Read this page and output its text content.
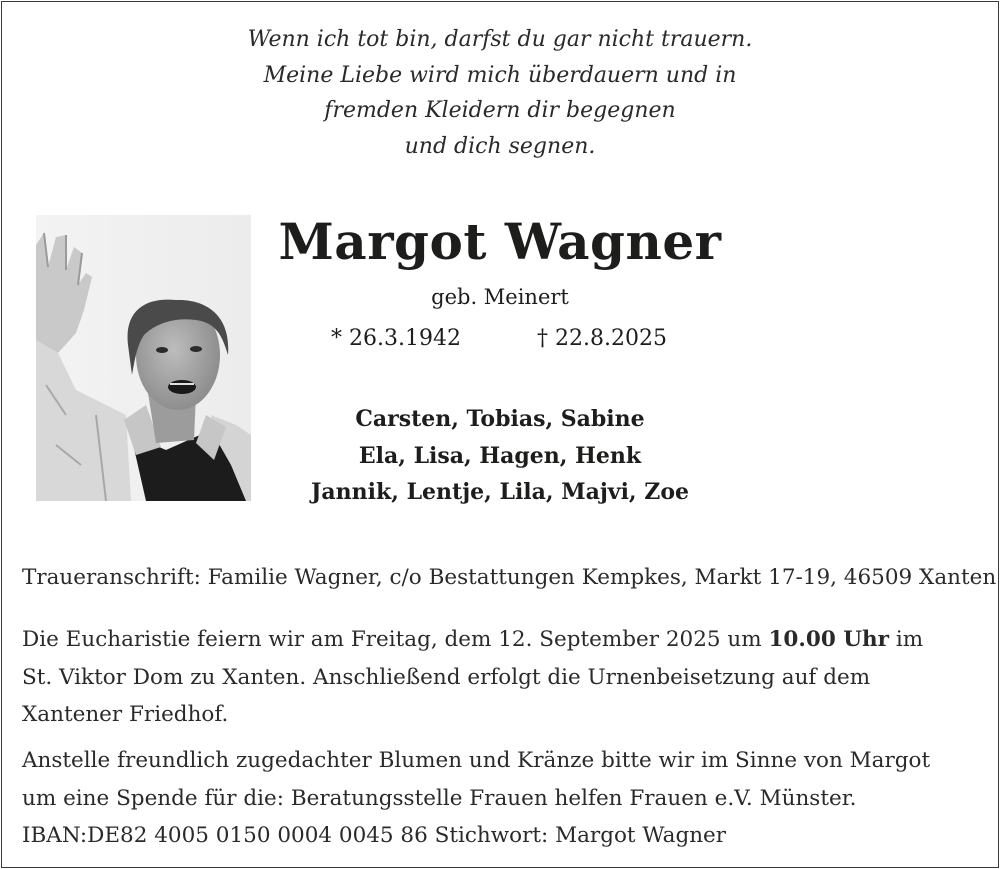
Wenn ich tot bin, darfst du gar nicht trauern.
Meine Liebe wird mich überdauern und in
fremden Kleidern dir begegnen
und dich segnen.
Margot Wagner
geb. Meinert
* 26.3.1942	† 22.8.2025
Carsten, Tobias, Sabine
Ela, Lisa, Hagen, Henk
Jannik, Lentje, Lila, Majvi, Zoe
Traueranschrift: Familie Wagner, c/o Bestattungen Kempkes, Markt 17-19, 46509 Xanten
Die Eucharistie feiern wir am Freitag, dem 12. September 2025 um 10.00 Uhr im
St. Viktor Dom zu Xanten. Anschließend erfolgt die Urnenbeisetzung auf dem
Xantener Friedhof.
Anstelle freundlich zugedachter Blumen und Kränze bitte wir im Sinne von Margot
um eine Spende für die: Beratungsstelle Frauen helfen Frauen e.V. Münster.
IBAN:DE82 4005 0150 0004 0045 86 Stichwort: Margot Wagner
